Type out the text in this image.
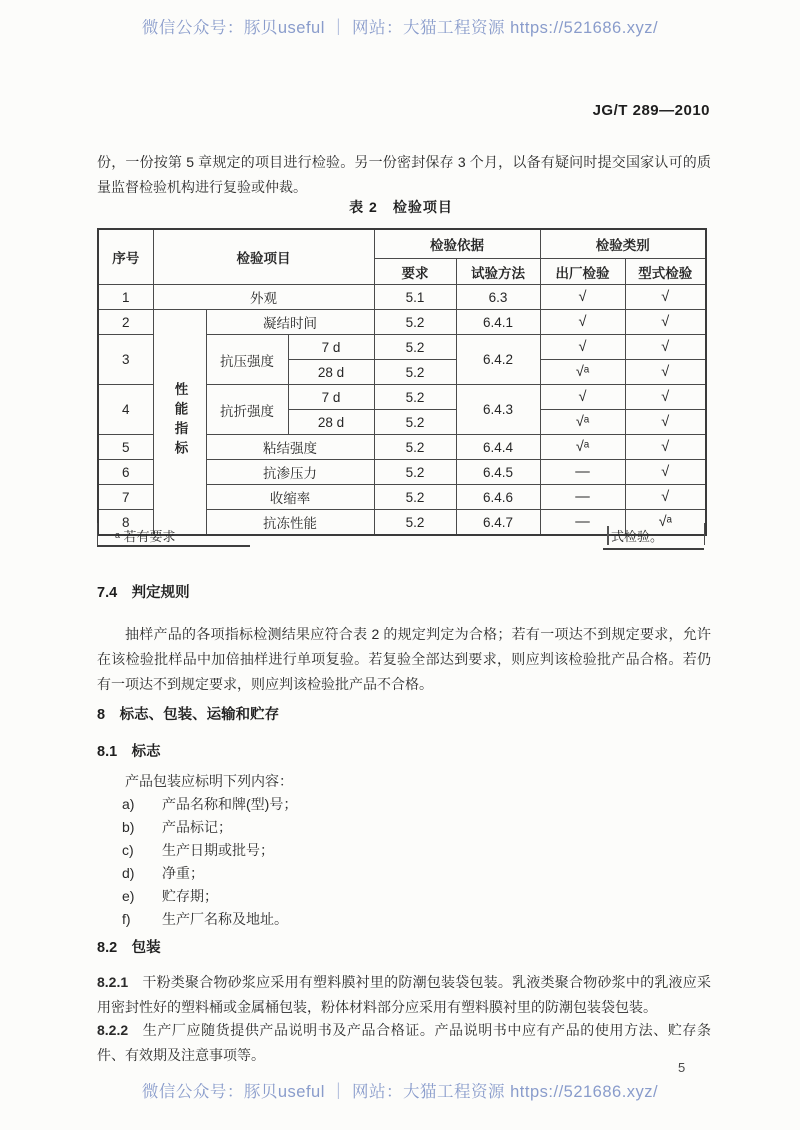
微信公众号：豚贝useful ｜ 网站：大猫工程资源 https://521686.xyz/
JG/T 289—2010

份，一份按第 5 章规定的项目进行检验。另一份密封保存 3 个月，以备有疑问时提交国家认可的质量监督检验机构进行复验或仲裁。

表 2　检验项目
序号	检验项目			检验依据		检验类别	
				要求	试验方法	出厂检验	型式检验
1	外观			5.1	6.3	√	√
2	性能指标	凝结时间		5.2	6.4.1	√	√
3		抗压强度	7 d	5.2	6.4.2	√	√
			28 d	5.2		√ᵃ	√
4		抗折强度	7 d	5.2	6.4.3	√	√
			28 d	5.2		√ᵃ	√
5		粘结强度		5.2	6.4.4	√ᵃ	√
6		抗渗压力		5.2	6.4.5	—	√
7		收缩率		5.2	6.4.6	—	√
8		抗冻性能		5.2	6.4.7	—	√ᵃ
ᵃ 若有要求	式检验。
7.4　判定规则

抽样产品的各项指标检测结果应符合表 2 的规定判定为合格；若有一项达不到规定要求，允许在该检验批样品中加倍抽样进行单项复验。若复验全部达到要求，则应判该检验批产品合格。若仍有一项达不到规定要求，则应判该检验批产品不合格。

8　标志、包装、运输和贮存
8.1　标志
产品包装应标明下列内容：
a) 产品名称和牌(型)号；
b) 产品标记；
c) 生产日期或批号；
d) 净重；
e) 贮存期；
f) 生产厂名称及地址。
8.2　包装

8.2.1 干粉类聚合物砂浆应采用有塑料膜衬里的防潮包装袋包装。乳液类聚合物砂浆中的乳液应采用密封性好的塑料桶或金属桶包装，粉体材料部分应采用有塑料膜衬里的防潮包装袋包装。

8.2.2 生产厂应随货提供产品说明书及产品合格证。产品说明书中应有产品的使用方法、贮存条件、有效期及注意事项等。

5
微信公众号：豚贝useful ｜ 网站：大猫工程资源 https://521686.xyz/
